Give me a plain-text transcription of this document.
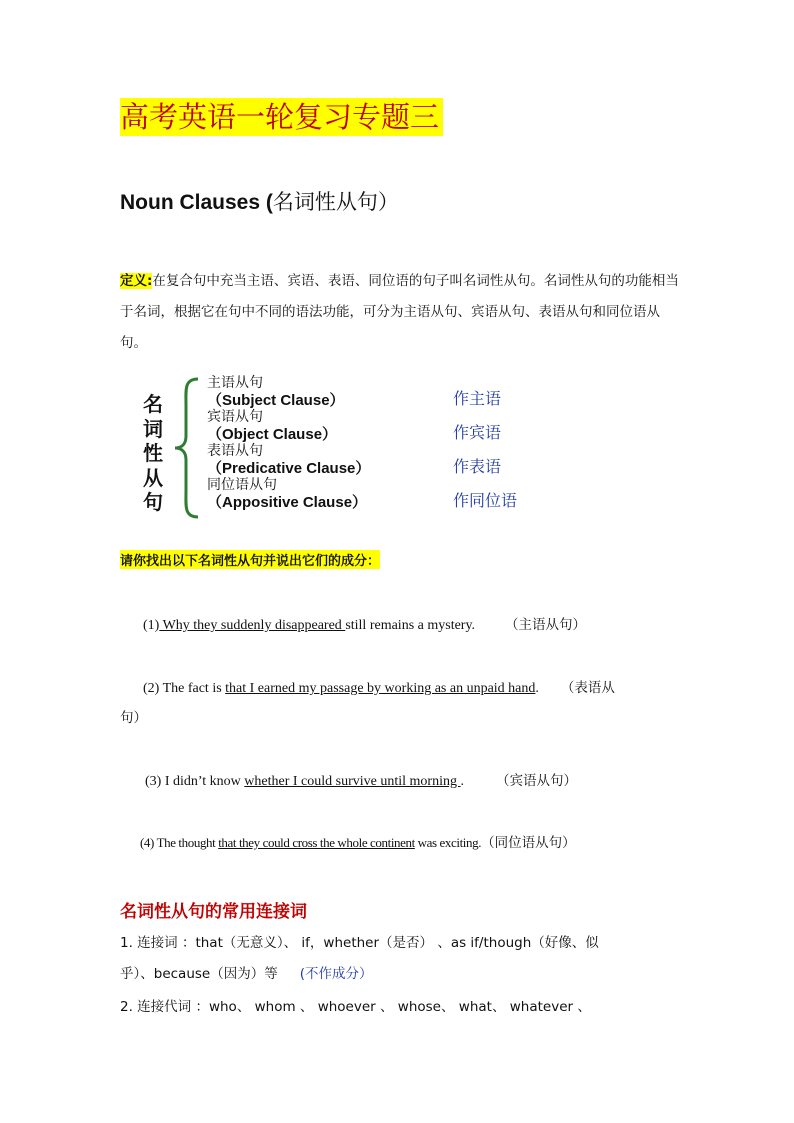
高考英语一轮复习专题三
Noun Clauses (名词性从句）
定义:在复合句中充当主语、宾语、表语、同位语的句子叫名词性从句。名词性从句的功能相当于名词，根据它在句中不同的语法功能，可分为主语从句、宾语从句、表语从句和同位语从句。
名
词
性
从
句
主语从句
（Subject Clause）	作主语
宾语从句
（Object Clause）	作宾语
表语从句
（Predicative Clause）	作表语
同位语从句
（Appositive Clause）	作同位语
请你找出以下名词性从句并说出它们的成分：
(1) Why they suddenly disappeared still remains a mystery. （主语从句）
(2) The fact is that I earned my passage by working as an unpaid hand. （表语从
句）
(3) I didn’t know whether I could survive until morning . （宾语从句）
(4) The thought that they could cross the whole continent was exciting.（同位语从句）
名词性从句的常用连接词
1. 连接词 ：that（无意义）、 if，whether（是否） 、as if/though（好像、似
乎）、because（因为）等 (不作成分）
2. 连接代词 ：who、 whom 、 whoever 、 whose、 what、 whatever 、
